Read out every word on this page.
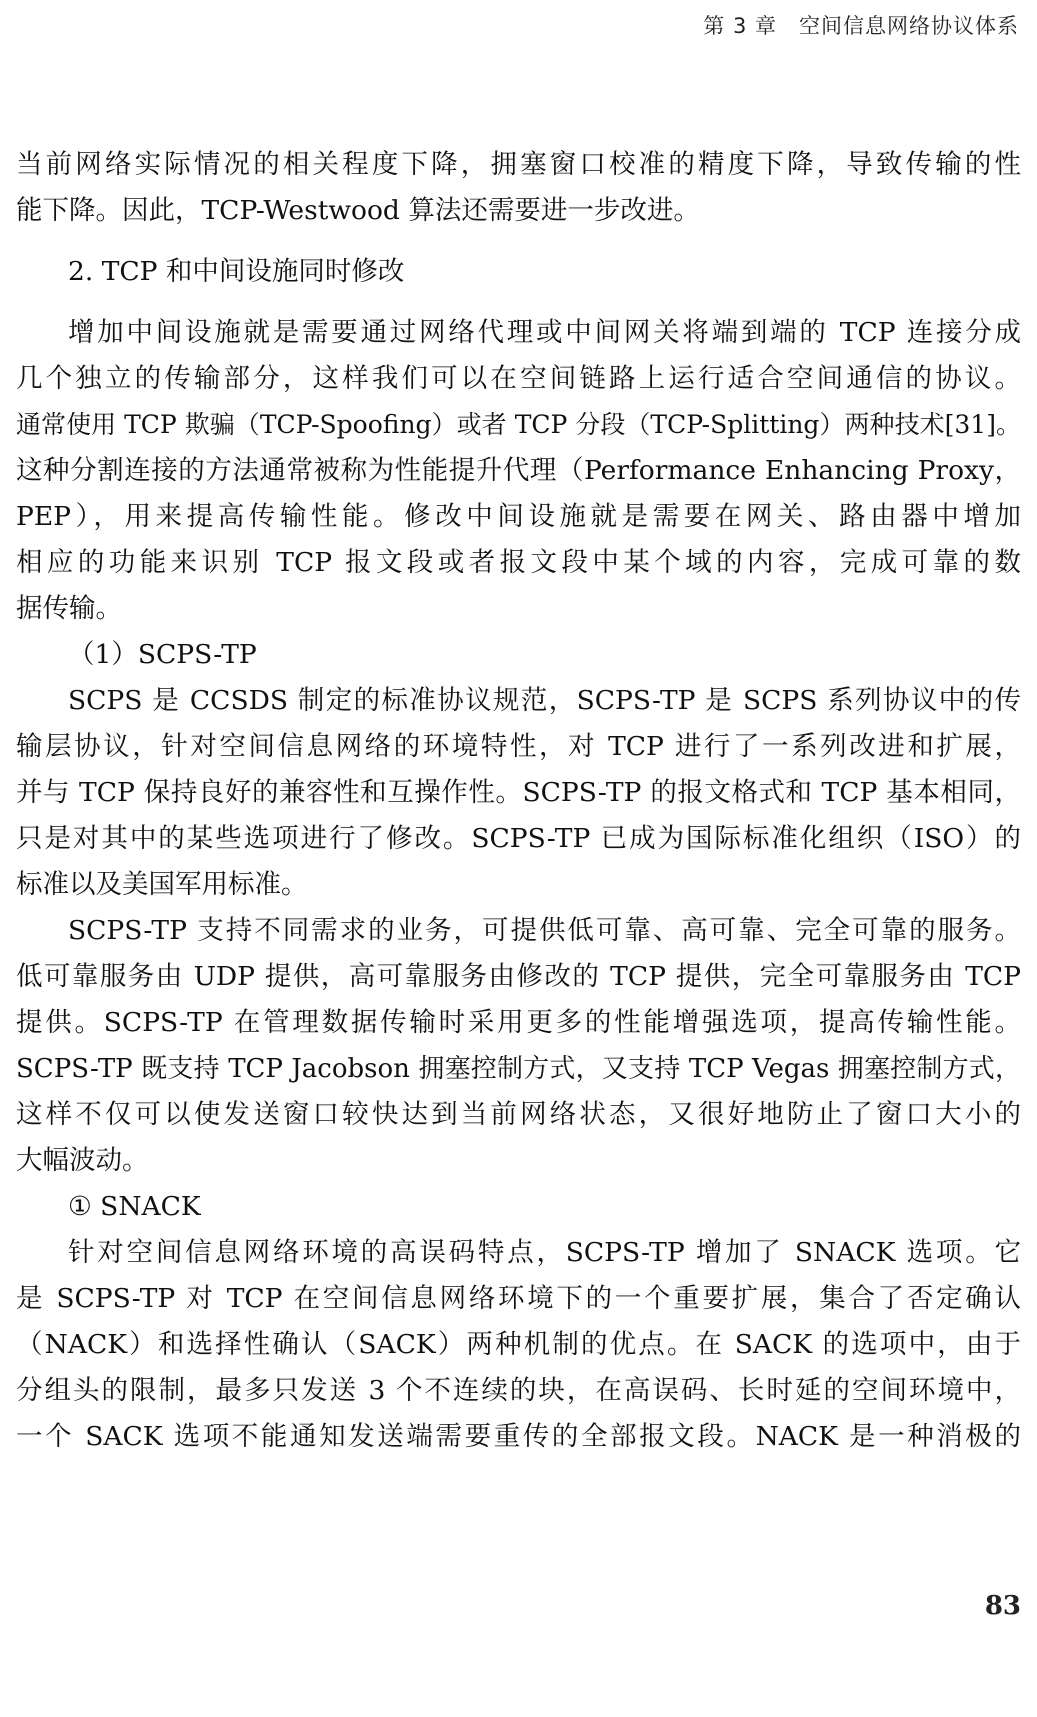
第 3 章 空间信息网络协议体系
当前网络实际情况的相关程度下降，拥塞窗口校准的精度下降，导致传输的性
能下降。因此，TCP-Westwood 算法还需要进一步改进。
2. TCP 和中间设施同时修改
增加中间设施就是需要通过网络代理或中间网关将端到端的 TCP 连接分成
几个独立的传输部分，这样我们可以在空间链路上运行适合空间通信的协议。
通常使用 TCP 欺骗（TCP-Spoofing）或者 TCP 分段（TCP-Splitting）两种技术[31]。
这种分割连接的方法通常被称为性能提升代理（Performance Enhancing Proxy，
PEP），用来提高传输性能。修改中间设施就是需要在网关、路由器中增加
相应的功能来识别 TCP 报文段或者报文段中某个域的内容，完成可靠的数
据传输。
（1）SCPS-TP
SCPS 是 CCSDS 制定的标准协议规范，SCPS-TP 是 SCPS 系列协议中的传
输层协议，针对空间信息网络的环境特性，对 TCP 进行了一系列改进和扩展，
并与 TCP 保持良好的兼容性和互操作性。SCPS-TP 的报文格式和 TCP 基本相同，
只是对其中的某些选项进行了修改。SCPS-TP 已成为国际标准化组织（ISO）的
标准以及美国军用标准。
SCPS-TP 支持不同需求的业务，可提供低可靠、高可靠、完全可靠的服务。
低可靠服务由 UDP 提供，高可靠服务由修改的 TCP 提供，完全可靠服务由 TCP
提供。SCPS-TP 在管理数据传输时采用更多的性能增强选项，提高传输性能。
SCPS-TP 既支持 TCP Jacobson 拥塞控制方式，又支持 TCP Vegas 拥塞控制方式，
这样不仅可以使发送窗口较快达到当前网络状态，又很好地防止了窗口大小的
大幅波动。
① SNACK
针对空间信息网络环境的高误码特点，SCPS-TP 增加了 SNACK 选项。它
是 SCPS-TP 对 TCP 在空间信息网络环境下的一个重要扩展，集合了否定确认
（NACK）和选择性确认（SACK）两种机制的优点。在 SACK 的选项中，由于
分组头的限制，最多只发送 3 个不连续的块，在高误码、长时延的空间环境中，
一个 SACK 选项不能通知发送端需要重传的全部报文段。NACK 是一种消极的
83
